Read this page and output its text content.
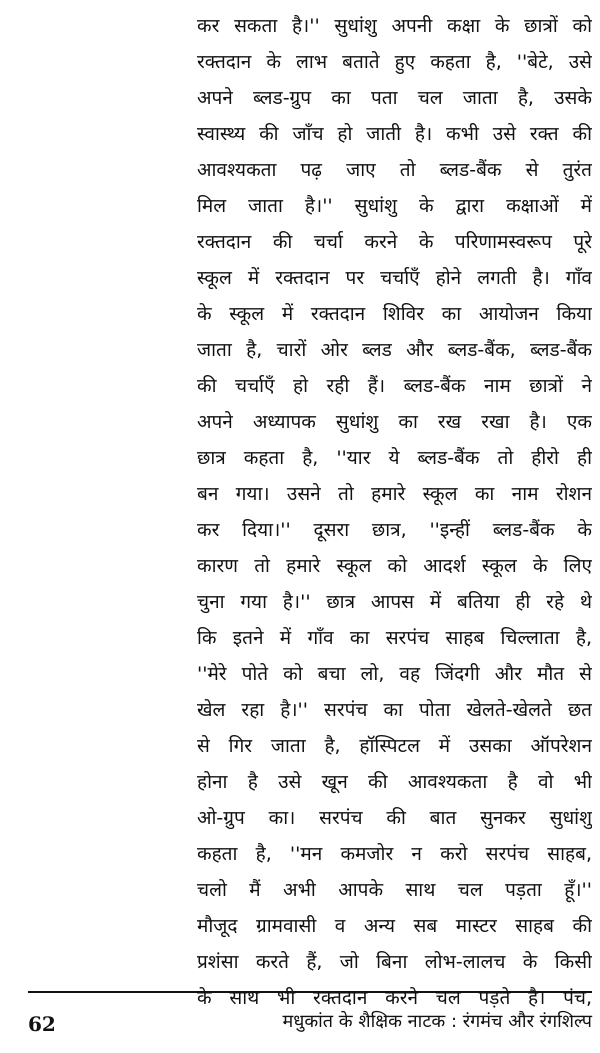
कर सकता है।'' सुधांशु अपनी कक्षा के छात्रों को
रक्तदान के लाभ बताते हुए कहता है, ''बेटे, उसे
अपने ब्लड-ग्रुप का पता चल जाता है, उसके
स्वास्थ्य की जाँच हो जाती है। कभी उसे रक्त की
आवश्यकता पढ़ जाए तो ब्लड-बैंक से तुरंत
मिल जाता है।'' सुधांशु के द्वारा कक्षाओं में
रक्तदान की चर्चा करने के परिणामस्वरूप पूरे
स्कूल में रक्तदान पर चर्चाएँ होने लगती है। गाँव
के स्कूल में रक्तदान शिविर का आयोजन किया
जाता है, चारों ओर ब्लड और ब्लड-बैंक, ब्लड-बैंक
की चर्चाएँ हो रही हैं। ब्लड-बैंक नाम छात्रों ने
अपने अध्यापक सुधांशु का रख रखा है। एक
छात्र कहता है, ''यार ये ब्लड-बैंक तो हीरो ही
बन गया। उसने तो हमारे स्कूल का नाम रोशन
कर दिया।'' दूसरा छात्र, ''इन्हीं ब्लड-बैंक के
कारण तो हमारे स्कूल को आदर्श स्कूल के लिए
चुना गया है।'' छात्र आपस में बतिया ही रहे थे
कि इतने में गाँव का सरपंच साहब चिल्लाता है,
''मेरे पोते को बचा लो, वह जिंदगी और मौत से
खेल रहा है।'' सरपंच का पोता खेलते-खेलते छत
से गिर जाता है, हॉस्पिटल में उसका ऑपरेशन
होना है उसे खून की आवश्यकता है वो भी
ओ-ग्रुप का। सरपंच की बात सुनकर सुधांशु
कहता है, ''मन कमजोर न करो सरपंच साहब,
चलो मैं अभी आपके साथ चल पड़ता हूँ।''
मौजूद ग्रामवासी व अन्य सब मास्टर साहब की
प्रशंसा करते हैं, जो बिना लोभ-लालच के किसी
के साथ भी रक्तदान करने चल पड़ते है। पंच,
62	मधुकांत के शैक्षिक नाटक : रंगमंच और रंगशिल्प
